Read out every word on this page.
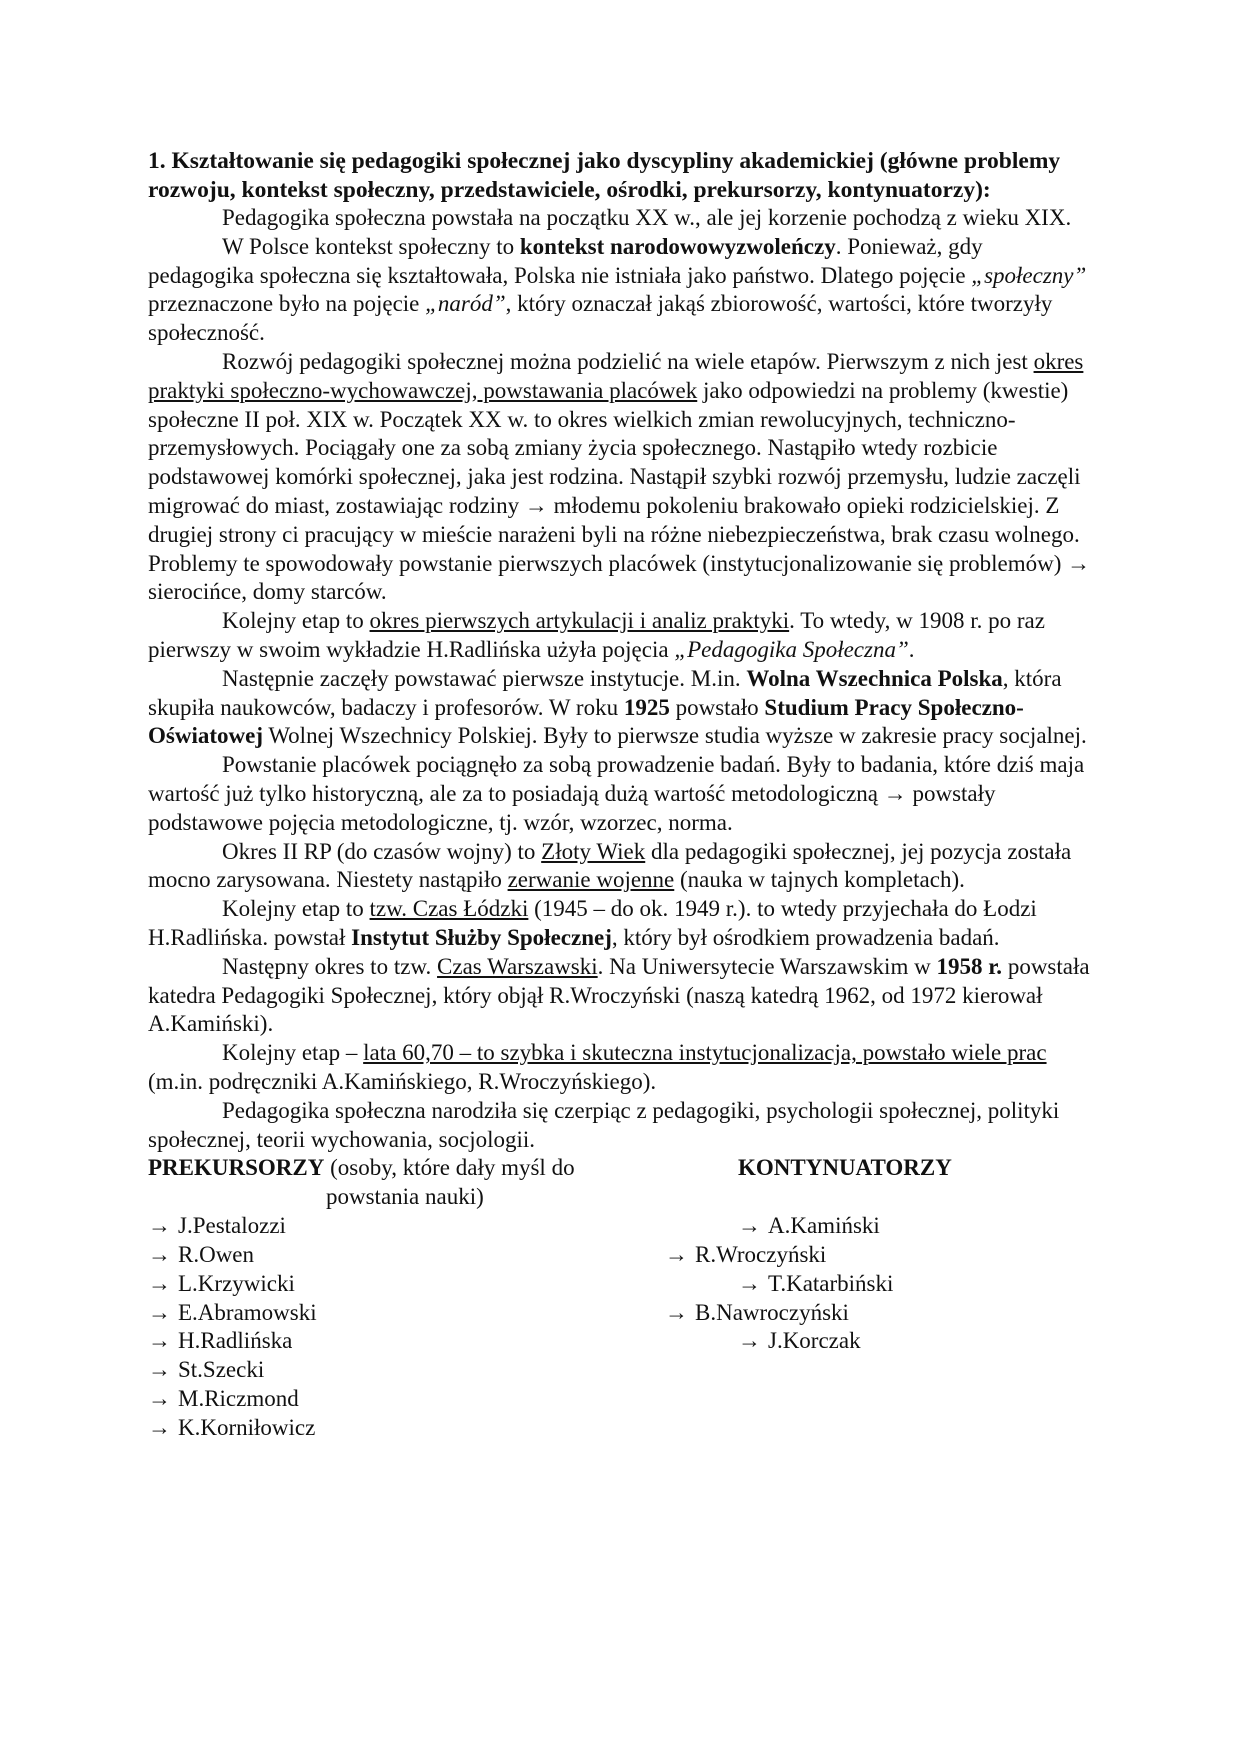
1. Kształtowanie się pedagogiki społecznej jako dyscypliny akademickiej (główne problemy rozwoju, kontekst społeczny, przedstawiciele, ośrodki, prekursorzy, kontynuatorzy):

Pedagogika społeczna powstała na początku XX w., ale jej korzenie pochodzą z wieku XIX.

W Polsce kontekst społeczny to kontekst narodowowyzwoleńczy. Ponieważ, gdy pedagogika społeczna się kształtowała, Polska nie istniała jako państwo. Dlatego pojęcie „społeczny” przeznaczone było na pojęcie „naród”, który oznaczał jakąś zbiorowość, wartości, które tworzyły społeczność.

Rozwój pedagogiki społecznej można podzielić na wiele etapów. Pierwszym z nich jest okres praktyki społeczno-wychowawczej, powstawania placówek jako odpowiedzi na problemy (kwestie) społeczne II poł. XIX w. Początek XX w. to okres wielkich zmian rewolucyjnych, techniczno-przemysłowych. Pociągały one za sobą zmiany życia społecznego. Nastąpiło wtedy rozbicie podstawowej komórki społecznej, jaka jest rodzina. Nastąpił szybki rozwój przemysłu, ludzie zaczęli migrować do miast, zostawiając rodziny → młodemu pokoleniu brakowało opieki rodzicielskiej. Z drugiej strony ci pracujący w mieście narażeni byli na różne niebezpieczeństwa, brak czasu wolnego. Problemy te spowodowały powstanie pierwszych placówek (instytucjonalizowanie się problemów) → sierocińce, domy starców.

Kolejny etap to okres pierwszych artykulacji i analiz praktyki. To wtedy, w 1908 r. po raz pierwszy w swoim wykładzie H.Radlińska użyła pojęcia „Pedagogika Społeczna”.

Następnie zaczęły powstawać pierwsze instytucje. M.in. Wolna Wszechnica Polska, która skupiła naukowców, badaczy i profesorów. W roku 1925 powstało Studium Pracy Społeczno-Oświatowej Wolnej Wszechnicy Polskiej. Były to pierwsze studia wyższe w zakresie pracy socjalnej.

Powstanie placówek pociągnęło za sobą prowadzenie badań. Były to badania, które dziś maja wartość już tylko historyczną, ale za to posiadają dużą wartość metodologiczną → powstały podstawowe pojęcia metodologiczne, tj. wzór, wzorzec, norma.

Okres II RP (do czasów wojny) to Złoty Wiek dla pedagogiki społecznej, jej pozycja została mocno zarysowana. Niestety nastąpiło zerwanie wojenne (nauka w tajnych kompletach).

Kolejny etap to tzw. Czas Łódzki (1945 – do ok. 1949 r.). to wtedy przyjechała do Łodzi H.Radlińska. powstał Instytut Służby Społecznej, który był ośrodkiem prowadzenia badań.

Następny okres to tzw. Czas Warszawski. Na Uniwersytecie Warszawskim w 1958 r. powstała katedra Pedagogiki Społecznej, który objął R.Wroczyński (naszą katedrą 1962, od 1972 kierował A.Kamiński).

Kolejny etap – lata 60,70 – to szybka i skuteczna instytucjonalizacja, powstało wiele prac (m.in. podręczniki A.Kamińskiego, R.Wroczyńskiego).

Pedagogika społeczna narodziła się czerpiąc z pedagogiki, psychologii społecznej, polityki społecznej, teorii wychowania, socjologii.

PREKURSORZY (osoby, które dały myśl do
powstania nauki)
KONTYNUATORZY
→ J.Pestalozzi
→ R.Owen
→ L.Krzywicki
→ E.Abramowski
→ H.Radlińska
→ St.Szecki
→ M.Riczmond
→ K.Korniłowicz
→ A.Kamiński
→ R.Wroczyński
→ T.Katarbiński
→ B.Nawroczyński
→ J.Korczak
